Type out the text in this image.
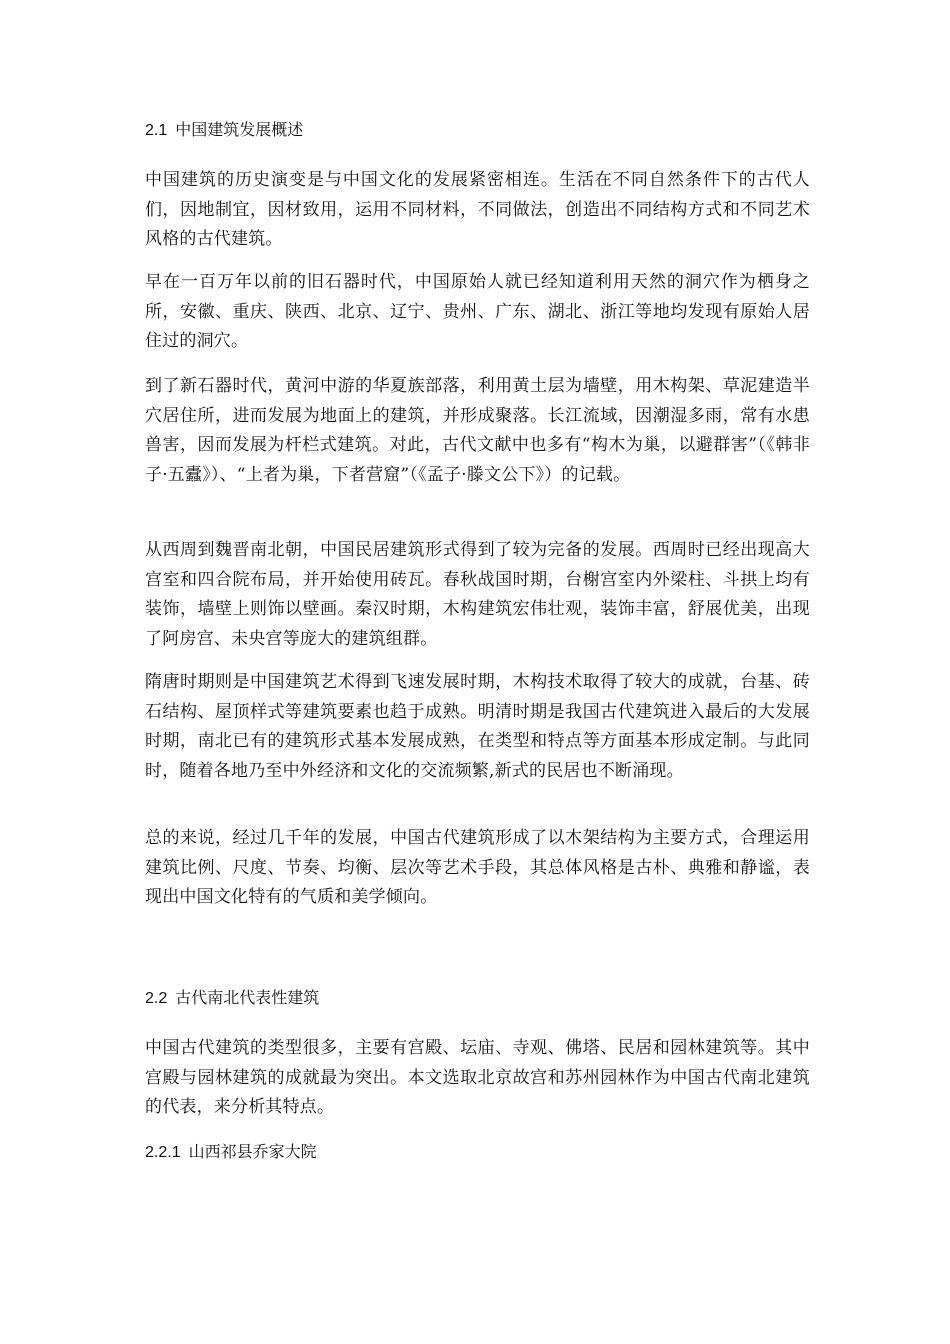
2.1 中国建筑发展概述

中国建筑的历史演变是与中国文化的发展紧密相连。生活在不同自然条件下的古代人们，因地制宜，因材致用，运用不同材料，不同做法，创造出不同结构方式和不同艺术风格的古代建筑。

早在一百万年以前的旧石器时代，中国原始人就已经知道利用天然的洞穴作为栖身之所，安徽、重庆、陕西、北京、辽宁、贵州、广东、湖北、浙江等地均发现有原始人居住过的洞穴。

到了新石器时代，黄河中游的华夏族部落，利用黄土层为墙壁，用木构架、草泥建造半穴居住所，进而发展为地面上的建筑，并形成聚落。长江流域，因潮湿多雨，常有水患兽害，因而发展为杆栏式建筑。对此，古代文献中也多有“构木为巢，以避群害”（《韩非子·五蠹》）、“上者为巢，下者营窟”（《孟子·滕文公下》）的记载。

从西周到魏晋南北朝，中国民居建筑形式得到了较为完备的发展。西周时已经出现高大宫室和四合院布局，并开始使用砖瓦。春秋战国时期，台榭宫室内外梁柱、斗拱上均有装饰，墙壁上则饰以壁画。秦汉时期，木构建筑宏伟壮观，装饰丰富，舒展优美，出现了阿房宫、未央宫等庞大的建筑组群。

隋唐时期则是中国建筑艺术得到飞速发展时期，木构技术取得了较大的成就，台基、砖石结构、屋顶样式等建筑要素也趋于成熟。明清时期是我国古代建筑进入最后的大发展时期，南北已有的建筑形式基本发展成熟，在类型和特点等方面基本形成定制。与此同时，随着各地乃至中外经济和文化的交流频繁,新式的民居也不断涌现。

总的来说，经过几千年的发展，中国古代建筑形成了以木架结构为主要方式，合理运用建筑比例、尺度、节奏、均衡、层次等艺术手段，其总体风格是古朴、典雅和静谧，表现出中国文化特有的气质和美学倾向。

2.2 古代南北代表性建筑

中国古代建筑的类型很多，主要有宫殿、坛庙、寺观、佛塔、民居和园林建筑等。其中宫殿与园林建筑的成就最为突出。本文选取北京故宫和苏州园林作为中国古代南北建筑的代表，来分析其特点。

2.2.1 山西祁县乔家大院
